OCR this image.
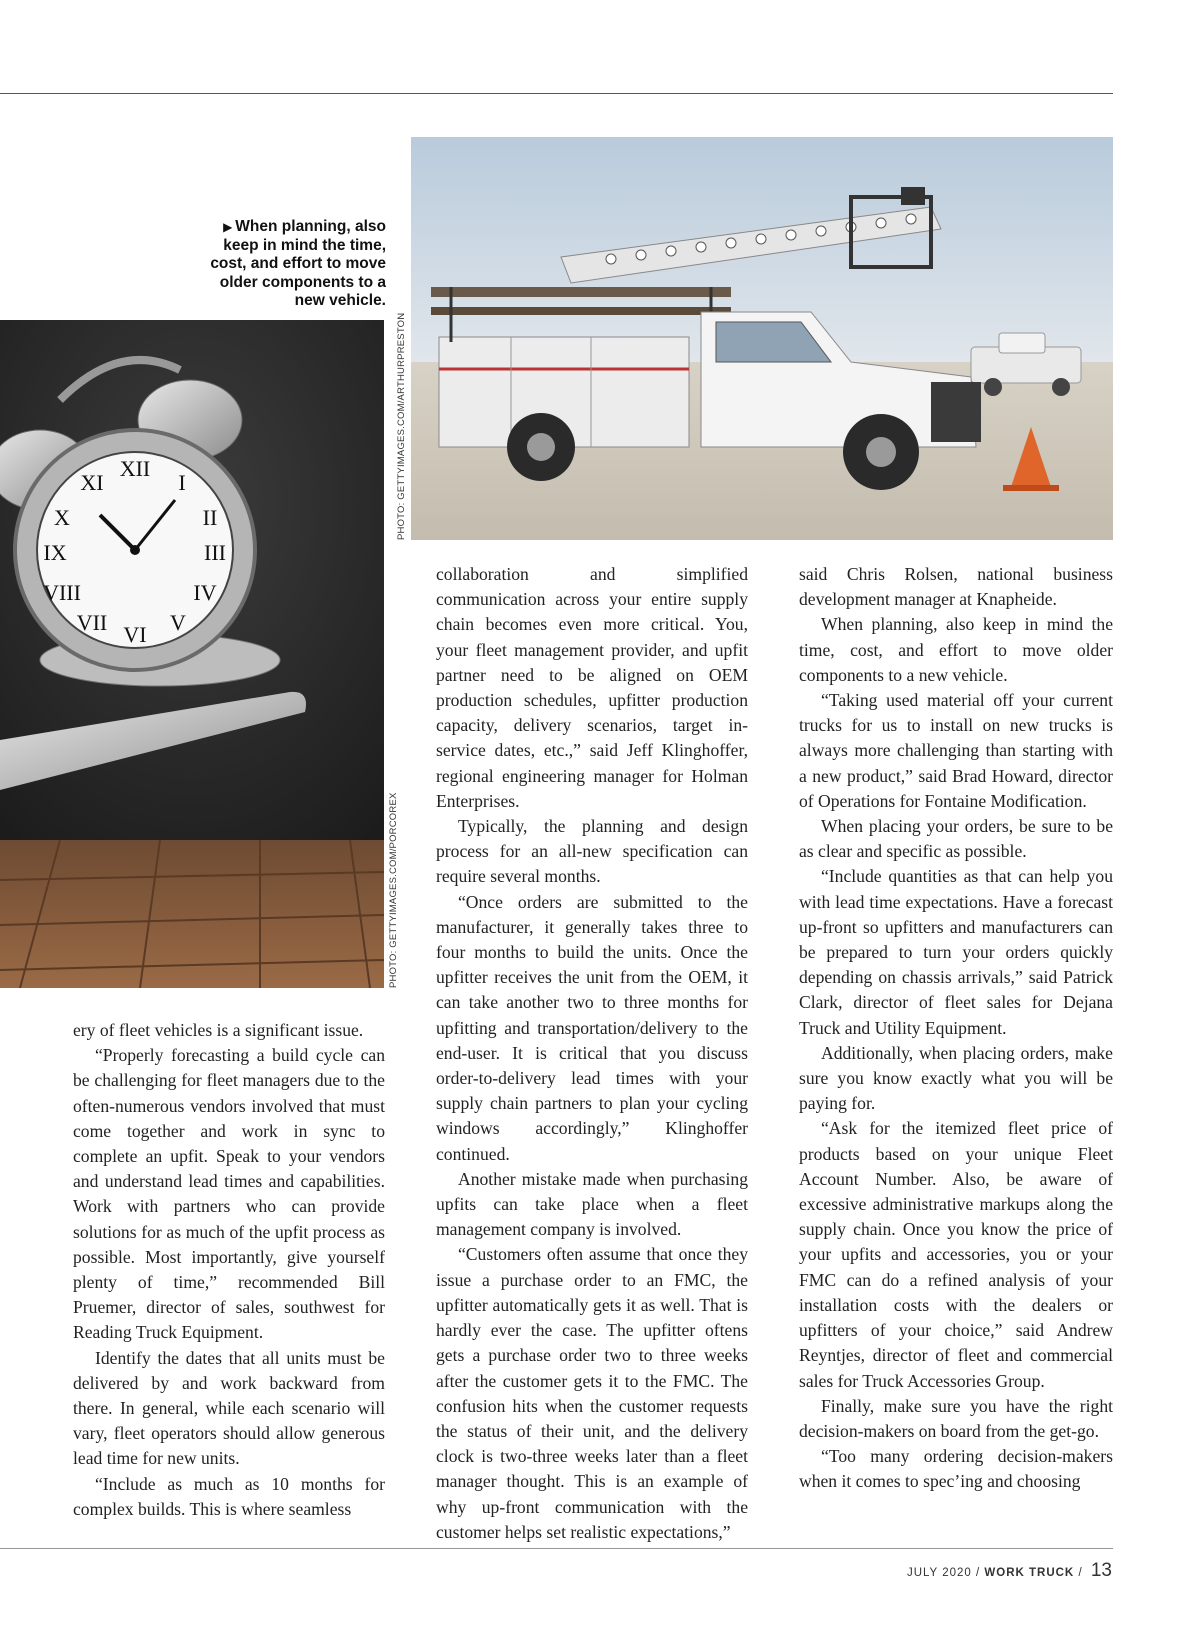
▶ When planning, also keep in mind the time, cost, and effort to move older components to a new vehicle.
PHOTO: GETTYIMAGES.COM/ARTHURPRESTON
XII
I
II
III
IV
V
VI
VII
VIII
IX
X
XI
PHOTO: GETTYIMAGES.COM/PORCOREX

ery of fleet vehicles is a significant issue.

“Properly forecasting a build cycle can be challenging for fleet managers due to the often-numerous vendors involved that must come together and work in sync to complete an upfit. Speak to your vendors and understand lead times and capabilities. Work with partners who can provide solutions for as much of the upfit process as possible. Most importantly, give yourself plenty of time,” recommended Bill Pruemer, director of sales, southwest for Reading Truck Equipment.

Identify the dates that all units must be delivered by and work backward from there. In general, while each scenario will vary, fleet operators should allow generous lead time for new units.

“Include as much as 10 months for complex builds. This is where seamless

collaboration and simplified communication across your entire supply chain becomes even more critical. You, your fleet management provider, and upfit partner need to be aligned on OEM production schedules, upfitter production capacity, delivery scenarios, target in-service dates, etc.,” said Jeff Klinghoffer, regional engineering manager for Holman Enterprises.

Typically, the planning and design process for an all-new specification can require several months.

“Once orders are submitted to the manufacturer, it generally takes three to four months to build the units. Once the upfitter receives the unit from the OEM, it can take another two to three months for upfitting and transportation/delivery to the end-user. It is critical that you discuss order-to-delivery lead times with your supply chain partners to plan your cycling windows accordingly,” Klinghoffer continued.

Another mistake made when purchasing upfits can take place when a fleet management company is involved.

“Customers often assume that once they issue a purchase order to an FMC, the upfitter automatically gets it as well. That is hardly ever the case. The upfitter oftens gets a purchase order two to three weeks after the customer gets it to the FMC. The confusion hits when the customer requests the status of their unit, and the delivery clock is two-three weeks later than a fleet manager thought. This is an example of why up-front communication with the customer helps set realistic expectations,”

said Chris Rolsen, national business development manager at Knapheide.

When planning, also keep in mind the time, cost, and effort to move older components to a new vehicle.

“Taking used material off your current trucks for us to install on new trucks is always more challenging than starting with a new product,” said Brad Howard, director of Operations for Fontaine Modification.

When placing your orders, be sure to be as clear and specific as possible.

“Include quantities as that can help you with lead time expectations. Have a forecast up-front so upfitters and manufacturers can be prepared to turn your orders quickly depending on chassis arrivals,” said Patrick Clark, director of fleet sales for Dejana Truck and Utility Equipment.

Additionally, when placing orders, make sure you know exactly what you will be paying for.

“Ask for the itemized fleet price of products based on your unique Fleet Account Number. Also, be aware of excessive administrative markups along the supply chain. Once you know the price of your upfits and accessories, you or your FMC can do a refined analysis of your installation costs with the dealers or upfitters of your choice,” said Andrew Reyntjes, director of fleet and commercial sales for Truck Accessories Group.

Finally, make sure you have the right decision-makers on board from the get-go.

“Too many ordering decision-makers when it comes to spec’ing and choosing

JULY 2020 / WORK TRUCK / 13
